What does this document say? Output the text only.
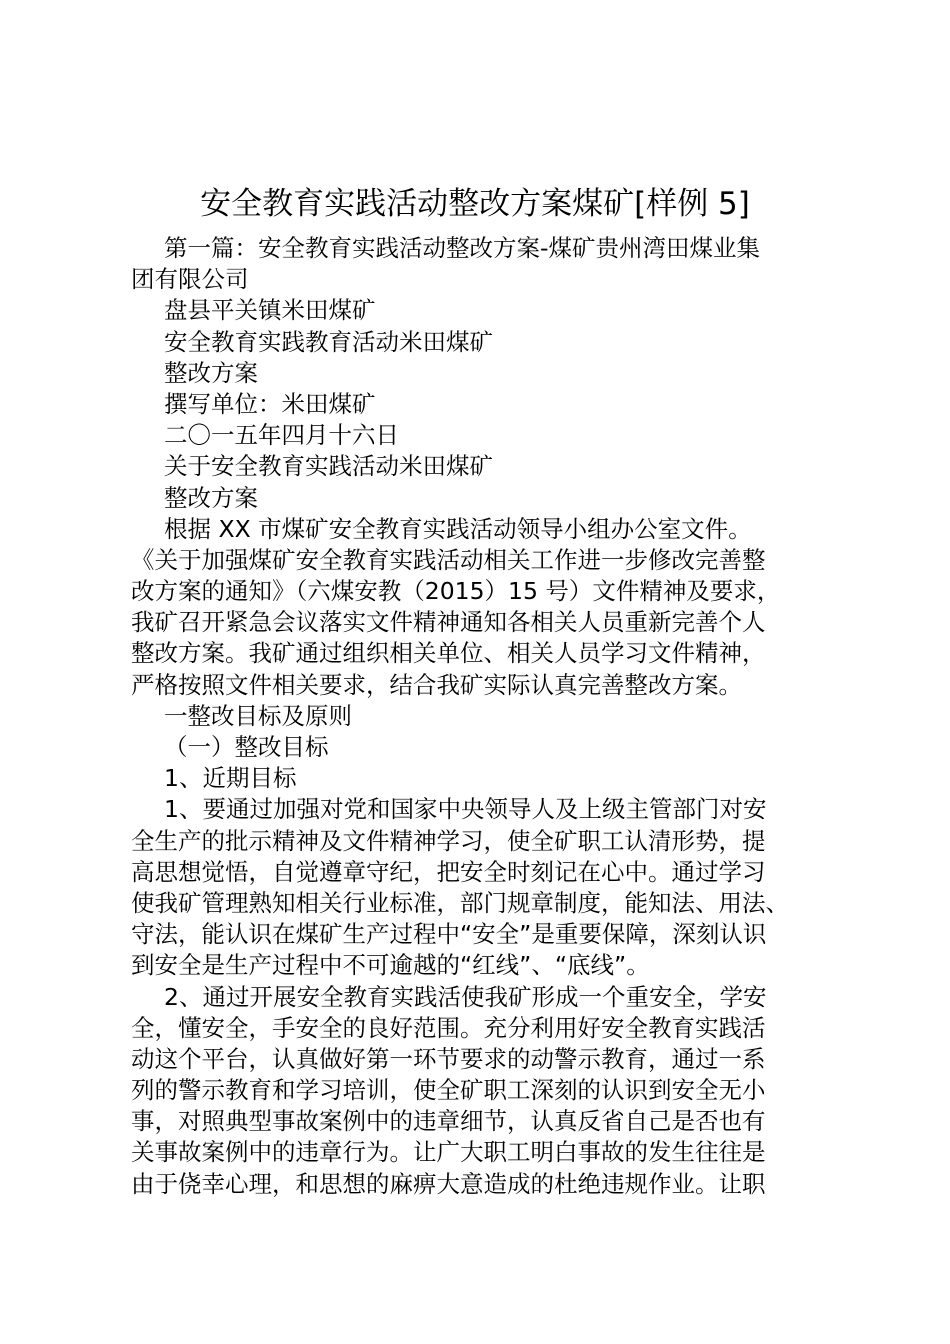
安全教育实践活动整改方案煤矿[样例 5]
第一篇：安全教育实践活动整改方案-煤矿贵州湾田煤业集
团有限公司
盘县平关镇米田煤矿
安全教育实践教育活动米田煤矿
整改方案
撰写单位：米田煤矿
二〇一五年四月十六日
关于安全教育实践活动米田煤矿
整改方案
根据 XX 市煤矿安全教育实践活动领导小组办公室文件。
《关于加强煤矿安全教育实践活动相关工作进一步修改完善整
改方案的通知》（六煤安教（2015）15 号）文件精神及要求，
我矿召开紧急会议落实文件精神通知各相关人员重新完善个人
整改方案。我矿通过组织相关单位、相关人员学习文件精神，
严格按照文件相关要求，结合我矿实际认真完善整改方案。
一整改目标及原则
（一）整改目标
1、近期目标
1、要通过加强对党和国家中央领导人及上级主管部门对安
全生产的批示精神及文件精神学习，使全矿职工认清形势，提
高思想觉悟，自觉遵章守纪，把安全时刻记在心中。通过学习
使我矿管理熟知相关行业标准，部门规章制度，能知法、用法、
守法，能认识在煤矿生产过程中“安全”是重要保障，深刻认识
到安全是生产过程中不可逾越的“红线”、“底线”。
2、通过开展安全教育实践活使我矿形成一个重安全，学安
全，懂安全，手安全的良好范围。充分利用好安全教育实践活
动这个平台，认真做好第一环节要求的动警示教育，通过一系
列的警示教育和学习培训，使全矿职工深刻的认识到安全无小
事，对照典型事故案例中的违章细节，认真反省自己是否也有
关事故案例中的违章行为。让广大职工明白事故的发生往往是
由于侥幸心理，和思想的麻痹大意造成的杜绝违规作业。让职
